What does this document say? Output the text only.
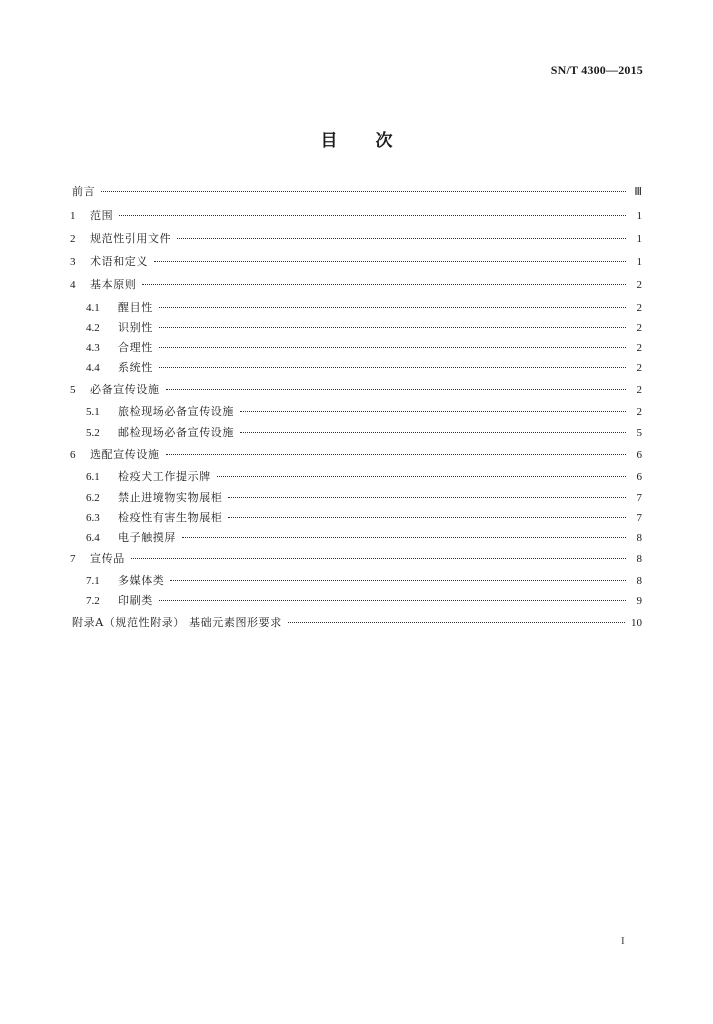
SN/T 4300—2015
目次
前言	Ⅲ
1	范围	1
2	规范性引用文件	1
3	术语和定义	1
4	基本原则	2
4.1	醒目性	2
4.2	识别性	2
4.3	合理性	2
4.4	系统性	2
5	必备宣传设施	2
5.1	旅检现场必备宣传设施	2
5.2	邮检现场必备宣传设施	5
6	选配宣传设施	6
6.1	检疫犬工作提示牌	6
6.2	禁止进境物实物展柜	7
6.3	检疫性有害生物展柜	7
6.4	电子触摸屏	8
7	宣传品	8
7.1	多媒体类	8
7.2	印刷类	9
附录A（规范性附录） 基础元素图形要求	10
I
